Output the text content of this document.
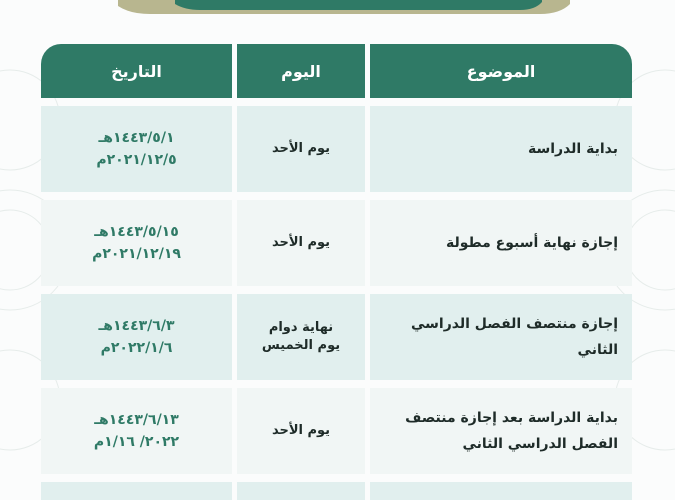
الموضوع
اليوم
التاريخ
بداية الدراسة
يوم الأحد
١٤٤٣/٥/١هـ
٢٠٢١/١٢/٥م
إجازة نهاية أسبوع مطولة
يوم الأحد
١٤٤٣/٥/١٥هـ
٢٠٢١/١٢/١٩م
إجازة منتصف الفصل الدراسي الثاني
نهاية دوام
يوم الخميس
١٤٤٣/٦/٣هـ
٢٠٢٢/١/٦م
بداية الدراسة بعد إجازة منتصف الفصل الدراسي الثاني
يوم الأحد
١٤٤٣/٦/١٣هـ
٢٠٢٢/ ١/١٦م
